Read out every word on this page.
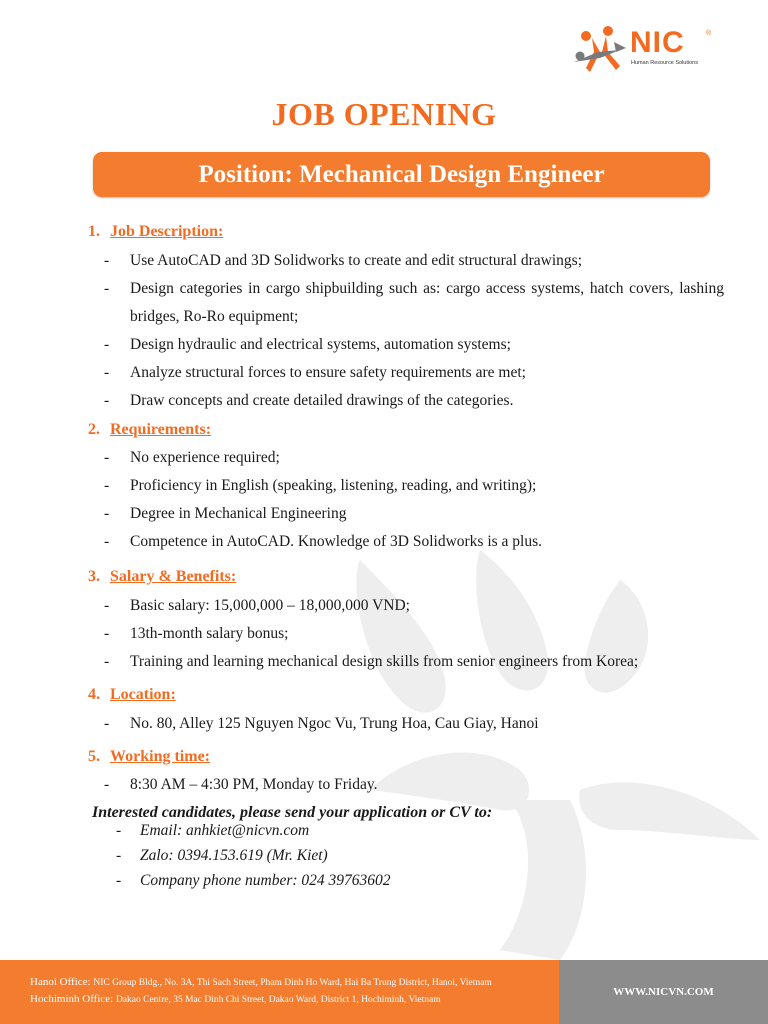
NIC	®
Human Resource Solutions
JOB OPENING
Position: Mechanical Design Engineer
1. Job Description:
-	Use AutoCAD and 3D Solidworks to create and edit structural drawings;
-	Design categories in cargo shipbuilding such as: cargo access systems, hatch covers, lashing bridges, Ro-Ro equipment;
-	Design hydraulic and electrical systems, automation systems;
-	Analyze structural forces to ensure safety requirements are met;
-	Draw concepts and create detailed drawings of the categories.
2. Requirements:
-	No experience required;
-	Proficiency in English (speaking, listening, reading, and writing);
-	Degree in Mechanical Engineering
-	Competence in AutoCAD. Knowledge of 3D Solidworks is a plus.
3. Salary & Benefits:
-	Basic salary: 15,000,000 – 18,000,000 VND;
-	13th-month salary bonus;
-	Training and learning mechanical design skills from senior engineers from Korea;
4. Location:
-	No. 80, Alley 125 Nguyen Ngoc Vu, Trung Hoa, Cau Giay, Hanoi
5. Working time:
-	8:30 AM – 4:30 PM, Monday to Friday.
Interested candidates, please send your application or CV to:
- Email: anhkiet@nicvn.com
- Zalo: 0394.153.619 (Mr. Kiet)
- Company phone number: 024 39763602
Hanoi Office: NIC Group Bldg., No. 3A, Thi Sach Street, Pham Dinh Ho Ward, Hai Ba Trung District, Hanoi, Vietnam
Hochiminh Office: Dakao Centre, 35 Mac Dinh Chi Street, Dakao Ward, District 1, Hochiminh, Vietnam
WWW.NICVN.COM
